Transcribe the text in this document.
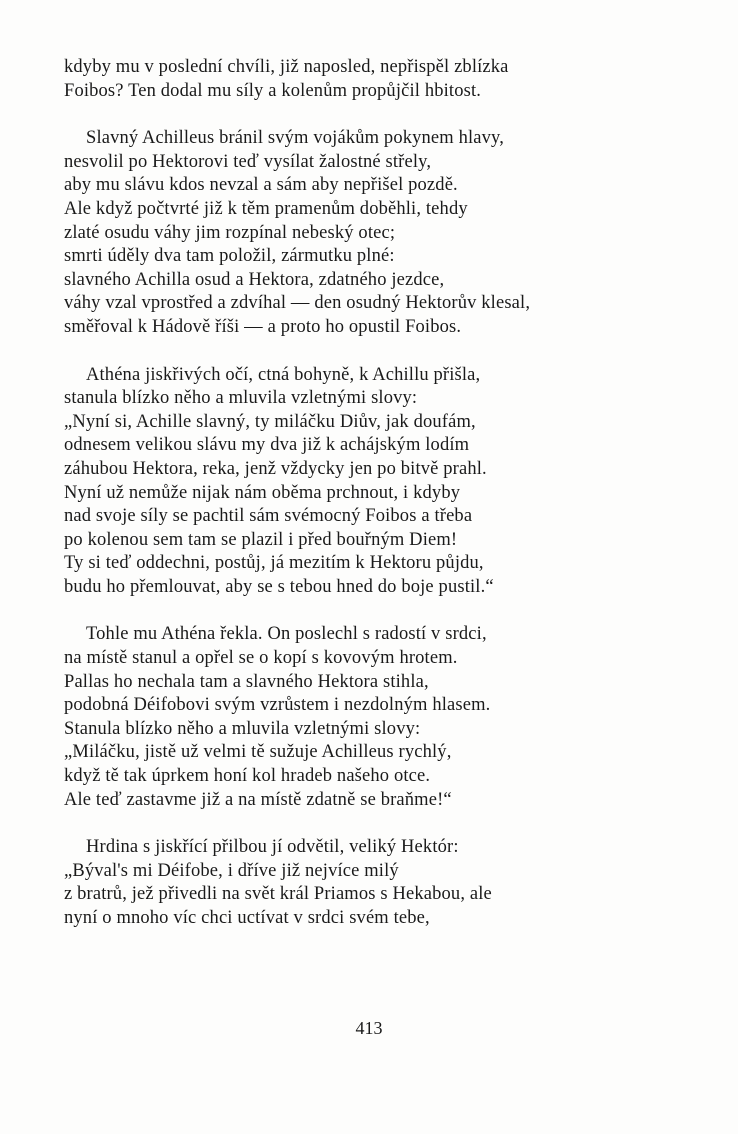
kdyby mu v poslední chvíli, již naposled, nepřispěl zblízka
Foibos? Ten dodal mu síly a kolenům propůjčil hbitost.
Slavný Achilleus bránil svým vojákům pokynem hlavy,
nesvolil po Hektorovi teď vysílat žalostné střely,
aby mu slávu kdos nevzal a sám aby nepřišel pozdě.
Ale když počtvrté již k těm pramenům doběhli, tehdy
zlaté osudu váhy jim rozpínal nebeský otec;
smrti úděly dva tam položil, zármutku plné:
slavného Achilla osud a Hektora, zdatného jezdce,
váhy vzal vprostřed a zdvíhal — den osudný Hektorův klesal,
směřoval k Hádově říši — a proto ho opustil Foibos.
Athéna jiskřivých očí, ctná bohyně, k Achillu přišla,
stanula blízko něho a mluvila vzletnými slovy:
„Nyní si, Achille slavný, ty miláčku Diův, jak doufám,
odnesem velikou slávu my dva již k achájským lodím
záhubou Hektora, reka, jenž vždycky jen po bitvě prahl.
Nyní už nemůže nijak nám oběma prchnout, i kdyby
nad svoje síly se pachtil sám svémocný Foibos a třeba
po kolenou sem tam se plazil i před bouřným Diem!
Ty si teď oddechni, postůj, já mezitím k Hektoru půjdu,
budu ho přemlouvat, aby se s tebou hned do boje pustil.“
Tohle mu Athéna řekla. On poslechl s radostí v srdci,
na místě stanul a opřel se o kopí s kovovým hrotem.
Pallas ho nechala tam a slavného Hektora stihla,
podobná Déifobovi svým vzrůstem i nezdolným hlasem.
Stanula blízko něho a mluvila vzletnými slovy:
„Miláčku, jistě už velmi tě sužuje Achilleus rychlý,
když tě tak úprkem honí kol hradeb našeho otce.
Ale teď zastavme již a na místě zdatně se braňme!“
Hrdina s jiskřící přilbou jí odvětil, veliký Hektór:
„Býval's mi Déifobe, i dříve již nejvíce milý
z bratrů, jež přivedli na svět král Priamos s Hekabou, ale
nyní o mnoho víc chci uctívat v srdci svém tebe,
413
